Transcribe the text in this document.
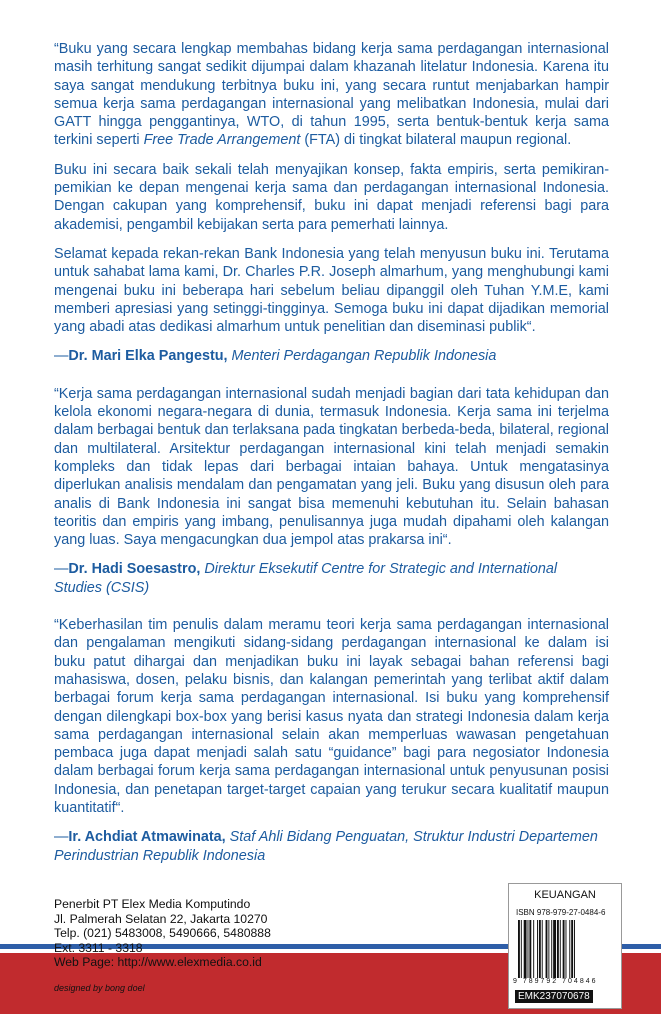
“Buku yang secara lengkap membahas bidang kerja sama perdagangan internasional masih terhitung sangat sedikit dijumpai dalam khazanah litelatur Indonesia. Karena itu saya sangat mendukung terbitnya buku ini, yang secara runtut menjabarkan hampir semua kerja sama perdagangan internasional yang melibatkan Indonesia, mulai dari GATT hingga penggantinya, WTO, di tahun 1995, serta bentuk-bentuk kerja sama terkini seperti Free Trade Arrangement (FTA) di tingkat bilateral maupun regional.

Buku ini secara baik sekali telah menyajikan konsep, fakta empiris, serta pemikiran-pemikian ke depan mengenai kerja sama dan perdagangan internasional Indonesia. Dengan cakupan yang komprehensif, buku ini dapat menjadi referensi bagi para akademisi, pengambil kebijakan serta para pemerhati lainnya.

Selamat kepada rekan-rekan Bank Indonesia yang telah menyusun buku ini. Terutama untuk sahabat lama kami, Dr. Charles P.R. Joseph almarhum, yang menghubungi kami mengenai buku ini beberapa hari sebelum beliau dipanggil oleh Tuhan Y.M.E, kami memberi apresiasi yang setinggi-tingginya. Semoga buku ini dapat dijadikan memorial yang abadi atas dedikasi almarhum untuk penelitian dan diseminasi publik“.

—Dr. Mari Elka Pangestu, Menteri Perdagangan Republik Indonesia

“Kerja sama perdagangan internasional sudah menjadi bagian dari tata kehidupan dan kelola ekonomi negara-negara di dunia, termasuk Indonesia. Kerja sama ini terjelma dalam berbagai bentuk dan terlaksana pada tingkatan berbeda-beda, bilateral, regional dan multilateral. Arsitektur perdagangan internasional kini telah menjadi semakin kompleks dan tidak lepas dari berbagai intaian bahaya. Untuk mengatasinya diperlukan analisis mendalam dan pengamatan yang jeli. Buku yang disusun oleh para analis di Bank Indonesia ini sangat bisa memenuhi kebutuhan itu. Selain bahasan teoritis dan empiris yang imbang, penulisannya juga mudah dipahami oleh kalangan yang luas. Saya mengacungkan dua jempol atas prakarsa ini“.

—Dr. Hadi Soesastro, Direktur Eksekutif Centre for Strategic and International Studies (CSIS)

“Keberhasilan tim penulis dalam meramu teori kerja sama perdagangan internasional dan pengalaman mengikuti sidang-sidang perdagangan internasional ke dalam isi buku patut dihargai dan menjadikan buku ini layak sebagai bahan referensi bagi mahasiswa, dosen, pelaku bisnis, dan kalangan pemerintah yang terlibat aktif dalam berbagai forum kerja sama perdagangan internasional. Isi buku yang komprehensif dengan dilengkapi box-box yang berisi kasus nyata dan strategi Indonesia dalam kerja sama perdagangan internasional selain akan memperluas wawasan pengetahuan pembaca juga dapat menjadi salah satu “guidance” bagi para negosiator Indonesia dalam berbagai forum kerja sama perdagangan internasional untuk penyusunan posisi Indonesia, dan penetapan target-target capaian yang terukur secara kualitatif maupun kuantitatif“.

—Ir. Achdiat Atmawinata, Staf Ahli Bidang Penguatan, Struktur Industri Departemen Perindustrian Republik Indonesia

Penerbit PT Elex Media Komputindo
Jl. Palmerah Selatan 22, Jakarta 10270
Telp. (021) 5483008, 5490666, 5480888
Ext. 3311 - 3318
Web Page: http://www.elexmedia.co.id
designed by bong doel
KEUANGAN
ISBN 978-979-27-0484-6
9 789792 704846
EMK237070678
